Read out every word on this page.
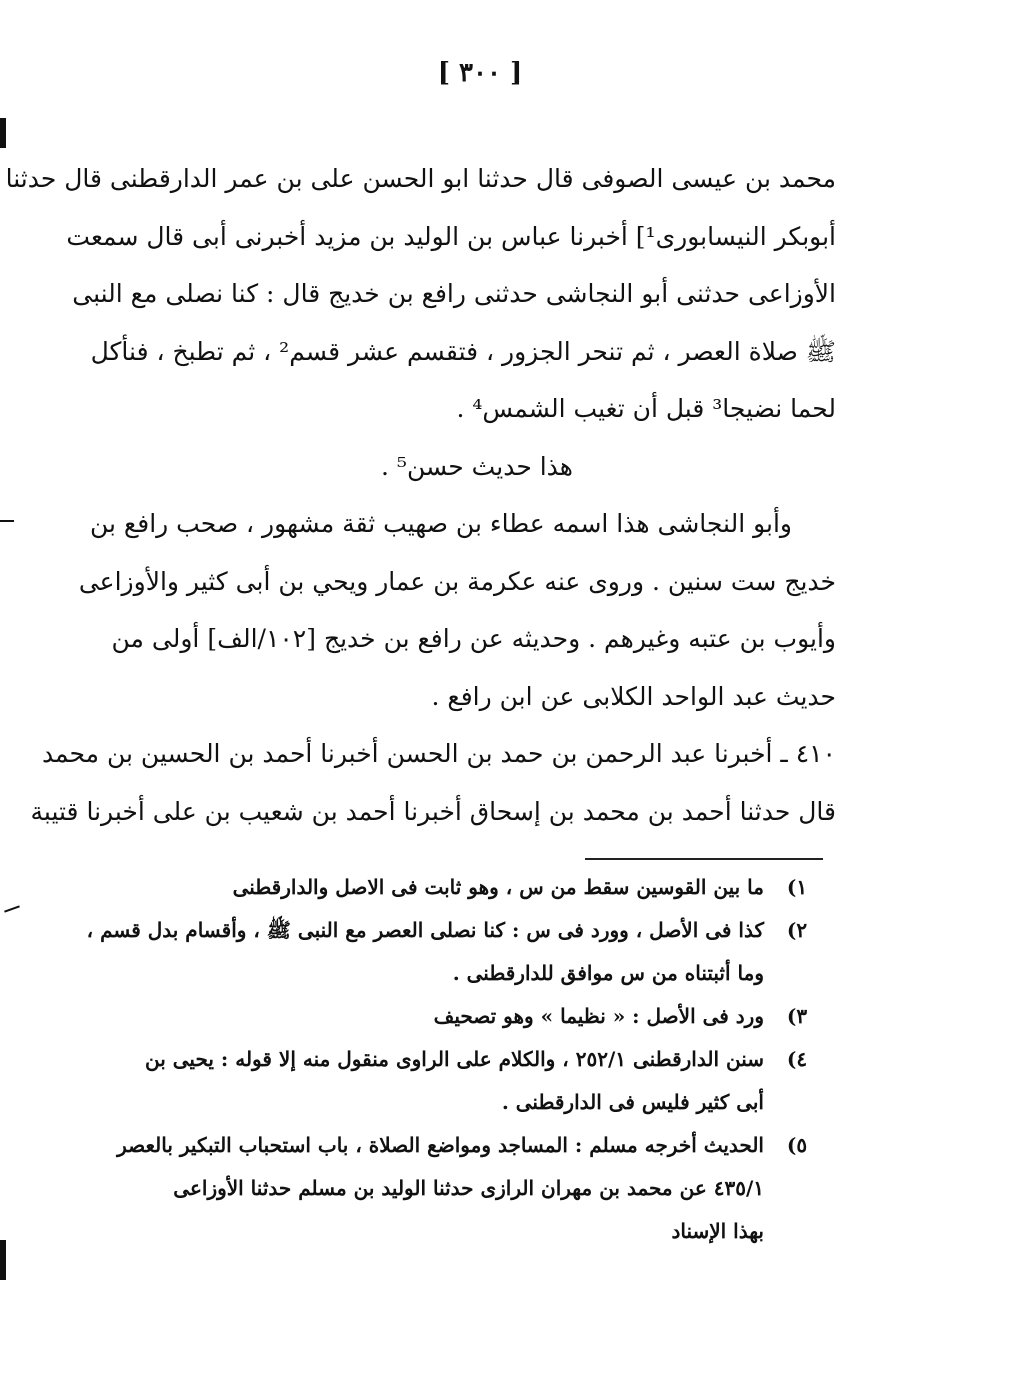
[ ٣٠٠ ]
محمد بن عيسى الصوفى قال حدثنا ابو الحسن على بن عمر الدارقطنى قال حدثنا
أبوبكر النيسابورى¹] أخبرنا عباس بن الوليد بن مزيد أخبرنى أبى قال سمعت
الأوزاعى حدثنى أبو النجاشى حدثنى رافع بن خديج قال : كنا نصلى مع النبى
ﷺ صلاة العصر ، ثم تنحر الجزور ، فتقسم عشر قسم² ، ثم تطبخ ، فنأكل
لحما نضيجا³ قبل أن تغيب الشمس⁴ .
هذا حديث حسن⁵ .
وأبو النجاشى هذا اسمه عطاء بن صهيب ثقة مشهور ، صحب رافع بن
خديج ست سنين . وروى عنه عكرمة بن عمار ويحي بن أبى كثير والأوزاعى
وأيوب بن عتبه وغيرهم . وحديثه عن رافع بن خديج [١٠٢/الف] أولى من
حديث عبد الواحد الكلابى عن ابن رافع .
٤١٠ ـ أخبرنا عبد الرحمن بن حمد بن الحسن أخبرنا أحمد بن الحسين بن محمد
قال حدثنا أحمد بن محمد بن إسحاق أخبرنا أحمد بن شعيب بن على أخبرنا قتيبة
١)
ما بين القوسين سقط من س ، وهو ثابت فى الاصل والدارقطنى
٢)
كذا فى الأصل ، وورد فى س : كنا نصلى العصر مع النبى ﷺ ، وأقسام بدل قسم ،
وما أثبتناه من س موافق للدارقطنى .
٣)
ورد فى الأصل : « نظيما » وهو تصحيف
٤)
سنن الدارقطنى ٢٥٢/١ ، والكلام على الراوى منقول منه إلا قوله : يحيى بن
أبى كثير فليس فى الدارقطنى .
٥)
الحديث أخرجه مسلم : المساجد ومواضع الصلاة ، باب استحباب التبكير بالعصر
٤٣٥/١ عن محمد بن مهران الرازى حدثنا الوليد بن مسلم حدثنا الأوزاعى
بهذا الإسناد
